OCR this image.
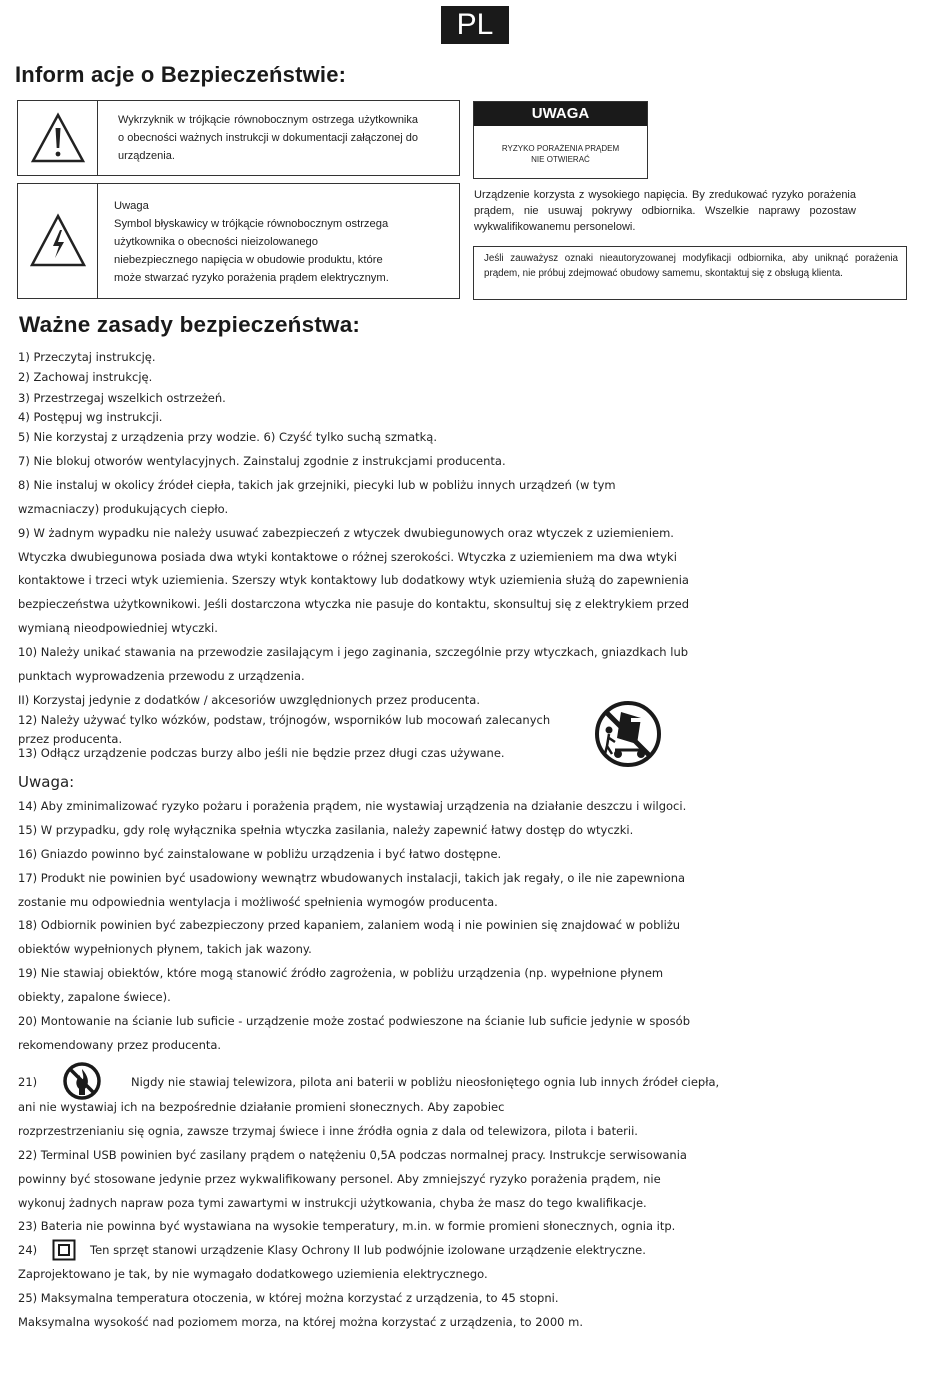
PL
Inform acje o Bezpieczeństwie:
Wykrzyknik w trójkącie równobocznym ostrzega użytkownika o obecności ważnych instrukcji w dokumentacji załączonej do urządzenia.
Uwaga
Symbol błyskawicy w trójkącie równobocznym ostrzega
użytkownika o obecności nieizolowanego
niebezpiecznego napięcia w obudowie produktu, które
może stwarzać ryzyko porażenia prądem elektrycznym.
UWAGA
RYZYKO PORAŻENIA PRĄDEM
NIE OTWIERAĆ
Urządzenie korzysta z wysokiego napięcia. By zredukować ryzyko porażenia prądem, nie usuwaj pokrywy odbiornika. Wszelkie naprawy pozostaw wykwalifikowanemu personelowi.
Jeśli zauważysz oznaki nieautoryzowanej modyfikacji odbiornika, aby uniknąć porażenia prądem, nie próbuj zdejmować obudowy samemu, skontaktuj się z obsługą klienta.
Ważne zasady bezpieczeństwa:
1) Przeczytaj instrukcję.
2) Zachowaj instrukcję.
3) Przestrzegaj wszelkich ostrzeżeń.
4) Postępuj wg instrukcji.
5) Nie korzystaj z urządzenia przy wodzie. 6) Czyść tylko suchą szmatką.
7) Nie blokuj otworów wentylacyjnych. Zainstaluj zgodnie z instrukcjami producenta.
8) Nie instaluj w okolicy źródeł ciepła, takich jak grzejniki, piecyki lub w pobliżu innych urządzeń (w tym
wzmacniaczy) produkujących ciepło.
9) W żadnym wypadku nie należy usuwać zabezpieczeń z wtyczek dwubiegunowych oraz wtyczek z uziemieniem.
Wtyczka dwubiegunowa posiada dwa wtyki kontaktowe o różnej szerokości. Wtyczka z uziemieniem ma dwa wtyki
kontaktowe i trzeci wtyk uziemienia. Szerszy wtyk kontaktowy lub dodatkowy wtyk uziemienia służą do zapewnienia
bezpieczeństwa użytkownikowi. Jeśli dostarczona wtyczka nie pasuje do kontaktu, skonsultuj się z elektrykiem przed
wymianą nieodpowiedniej wtyczki.
10) Należy unikać stawania na przewodzie zasilającym i jego zaginania, szczególnie przy wtyczkach, gniazdkach lub
punktach wyprowadzenia przewodu z urządzenia.
II) Korzystaj jedynie z dodatków / akcesoriów uwzględnionych przez producenta.
12) Należy używać tylko wózków, podstaw, trójnogów, wsporników lub mocowań zalecanych
przez producenta.
13) Odłącz urządzenie podczas burzy albo jeśli nie będzie przez długi czas używane.
Uwaga:
14) Aby zminimalizować ryzyko pożaru i porażenia prądem, nie wystawiaj urządzenia na działanie deszczu i wilgoci.
15) W przypadku, gdy rolę wyłącznika spełnia wtyczka zasilania, należy zapewnić łatwy dostęp do wtyczki.
16) Gniazdo powinno być zainstalowane w pobliżu urządzenia i być łatwo dostępne.
17) Produkt nie powinien być usadowiony wewnątrz wbudowanych instalacji, takich jak regały, o ile nie zapewniona
zostanie mu odpowiednia wentylacja i możliwość spełnienia wymogów producenta.
18) Odbiornik powinien być zabezpieczony przed kapaniem, zalaniem wodą i nie powinien się znajdować w pobliżu
obiektów wypełnionych płynem, takich jak wazony.
19) Nie stawiaj obiektów, które mogą stanowić źródło zagrożenia, w pobliżu urządzenia (np. wypełnione płynem
obiekty, zapalone świece).
20) Montowanie na ścianie lub suficie - urządzenie może zostać podwieszone na ścianie lub suficie jedynie w sposób
rekomendowany przez producenta.
21)	Nigdy nie stawiaj telewizora, pilota ani baterii w pobliżu nieosłoniętego ognia lub innych źródeł ciepła,
ani nie wystawiaj ich na bezpośrednie działanie promieni słonecznych. Aby zapobiec
rozprzestrzenianiu się ognia, zawsze trzymaj świece i inne źródła ognia z dala od telewizora, pilota i baterii.
22) Terminal USB powinien być zasilany prądem o natężeniu 0,5A podczas normalnej pracy. Instrukcje serwisowania
powinny być stosowane jedynie przez wykwalifikowany personel. Aby zmniejszyć ryzyko porażenia prądem, nie
wykonuj żadnych napraw poza tymi zawartymi w instrukcji użytkowania, chyba że masz do tego kwalifikacje.
23) Bateria nie powinna być wystawiana na wysokie temperatury, m.in. w formie promieni słonecznych, ognia itp.
24)	Ten sprzęt stanowi urządzenie Klasy Ochrony II lub podwójnie izolowane urządzenie elektryczne.
Zaprojektowano je tak, by nie wymagało dodatkowego uziemienia elektrycznego.
25) Maksymalna temperatura otoczenia, w której można korzystać z urządzenia, to 45 stopni.
Maksymalna wysokość nad poziomem morza, na której można korzystać z urządzenia, to 2000 m.
